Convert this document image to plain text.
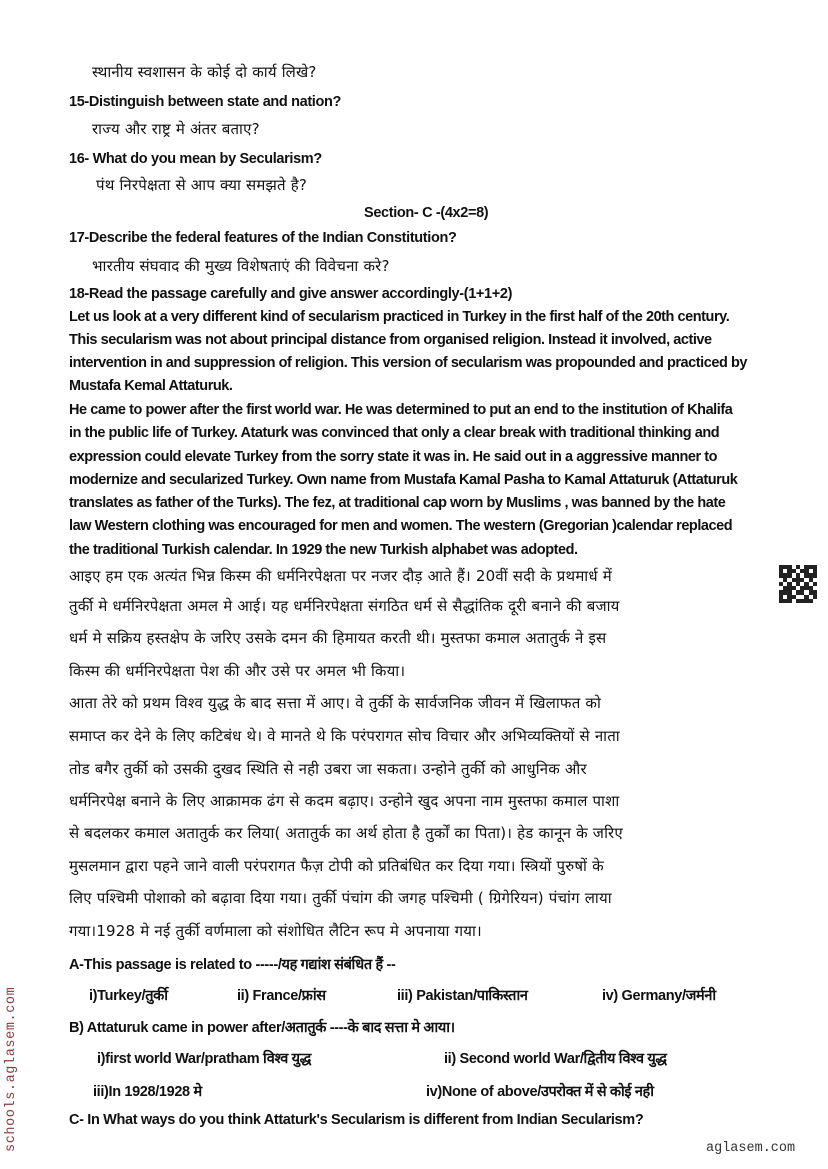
स्थानीय स्वशासन के कोई दो कार्य लिखे?
15-Distinguish between state and nation?
राज्य और राष्ट्र मे अंतर बताए?
16- What do you mean by Secularism?
पंथ निरपेक्षता से आप क्या समझते है?
Section- C -(4x2=8)
17-Describe the federal features of the Indian Constitution?
भारतीय संघवाद की मुख्य विशेषताएं की विवेचना करे?
18-Read the passage carefully and give answer accordingly-(1+1+2)
Let us look at a very different kind of secularism practiced in Turkey in the first half of the 20th century.
This secularism was not about principal distance from organised religion. Instead it involved, active
intervention in and suppression of religion. This version of secularism was propounded and practiced by
Mustafa Kemal Attaturuk.
He came to power after the first world war. He was determined to put an end to the institution of Khalifa
in the public life of Turkey. Ataturk was convinced that only a clear break with traditional thinking and
expression could elevate Turkey from the sorry state it was in. He said out in a aggressive manner to
modernize and secularized Turkey. Own name from Mustafa Kamal Pasha to Kamal Attaturuk (Attaturuk
translates as father of the Turks). The fez, at traditional cap worn by Muslims , was banned by the hate
law Western clothing was encouraged for men and women. The western (Gregorian )calendar replaced
the traditional Turkish calendar. In 1929 the new Turkish alphabet was adopted.
आइए हम एक अत्यंत भिन्न किस्म की धर्मनिरपेक्षता पर नजर दौड़ आते हैं। 20वीं सदी के प्रथमार्ध में
तुर्की मे धर्मनिरपेक्षता अमल मे आई। यह धर्मनिरपेक्षता संगठित धर्म से सैद्धांतिक दूरी बनाने की बजाय
धर्म मे सक्रिय हस्तक्षेप के जरिए उसके दमन की हिमायत करती थी। मुस्तफा कमाल अतातुर्क ने इस
किस्म की धर्मनिरपेक्षता पेश की और उसे पर अमल भी किया।
आता तेरे को प्रथम विश्व युद्ध के बाद सत्ता में आए। वे तुर्की के सार्वजनिक जीवन में खिलाफत को
समाप्त कर देने के लिए कटिबंध थे। वे मानते थे कि परंपरागत सोच विचार और अभिव्यक्तियों से नाता
तोड बगैर तुर्की को उसकी दुखद स्थिति से नही उबरा जा सकता। उन्होने तुर्की को आधुनिक और
धर्मनिरपेक्ष बनाने के लिए आक्रामक ढंग से कदम बढ़ाए। उन्होने खुद अपना नाम मुस्तफा कमाल पाशा
से बदलकर कमाल अतातुर्क कर लिया( अतातुर्क का अर्थ होता है तुर्कों का पिता)। हेड कानून के जरिए
मुसलमान द्वारा पहने जाने वाली परंपरागत फैज़ टोपी को प्रतिबंधित कर दिया गया। स्त्रियों पुरुषों के
लिए पश्चिमी पोशाको को बढ़ावा दिया गया। तुर्की पंचांग की जगह पश्चिमी ( ग्रिगेरियन) पंचांग लाया
गया।1928 मे नई तुर्की वर्णमाला को संशोधित लैटिन रूप मे अपनाया गया।
A-This passage is related to -----/यह गद्यांश संबंधित हैं --
i)Turkey/तुर्की	ii) France/फ्रांस	iii) Pakistan/पाकिस्तान	iv) Germany/जर्मनी
B) Attaturuk came in power after/अतातुर्क ----के बाद सत्ता मे आया।
i)first world War/pratham विश्व युद्ध	ii) Second world War/द्वितीय विश्व युद्ध
iii)In 1928/1928 मे	iv)None of above/उपरोक्त में से कोई नही
C- In What ways do you think Attaturk's Secularism is different from Indian Secularism?
schools.aglasem.com	aglasem.com
